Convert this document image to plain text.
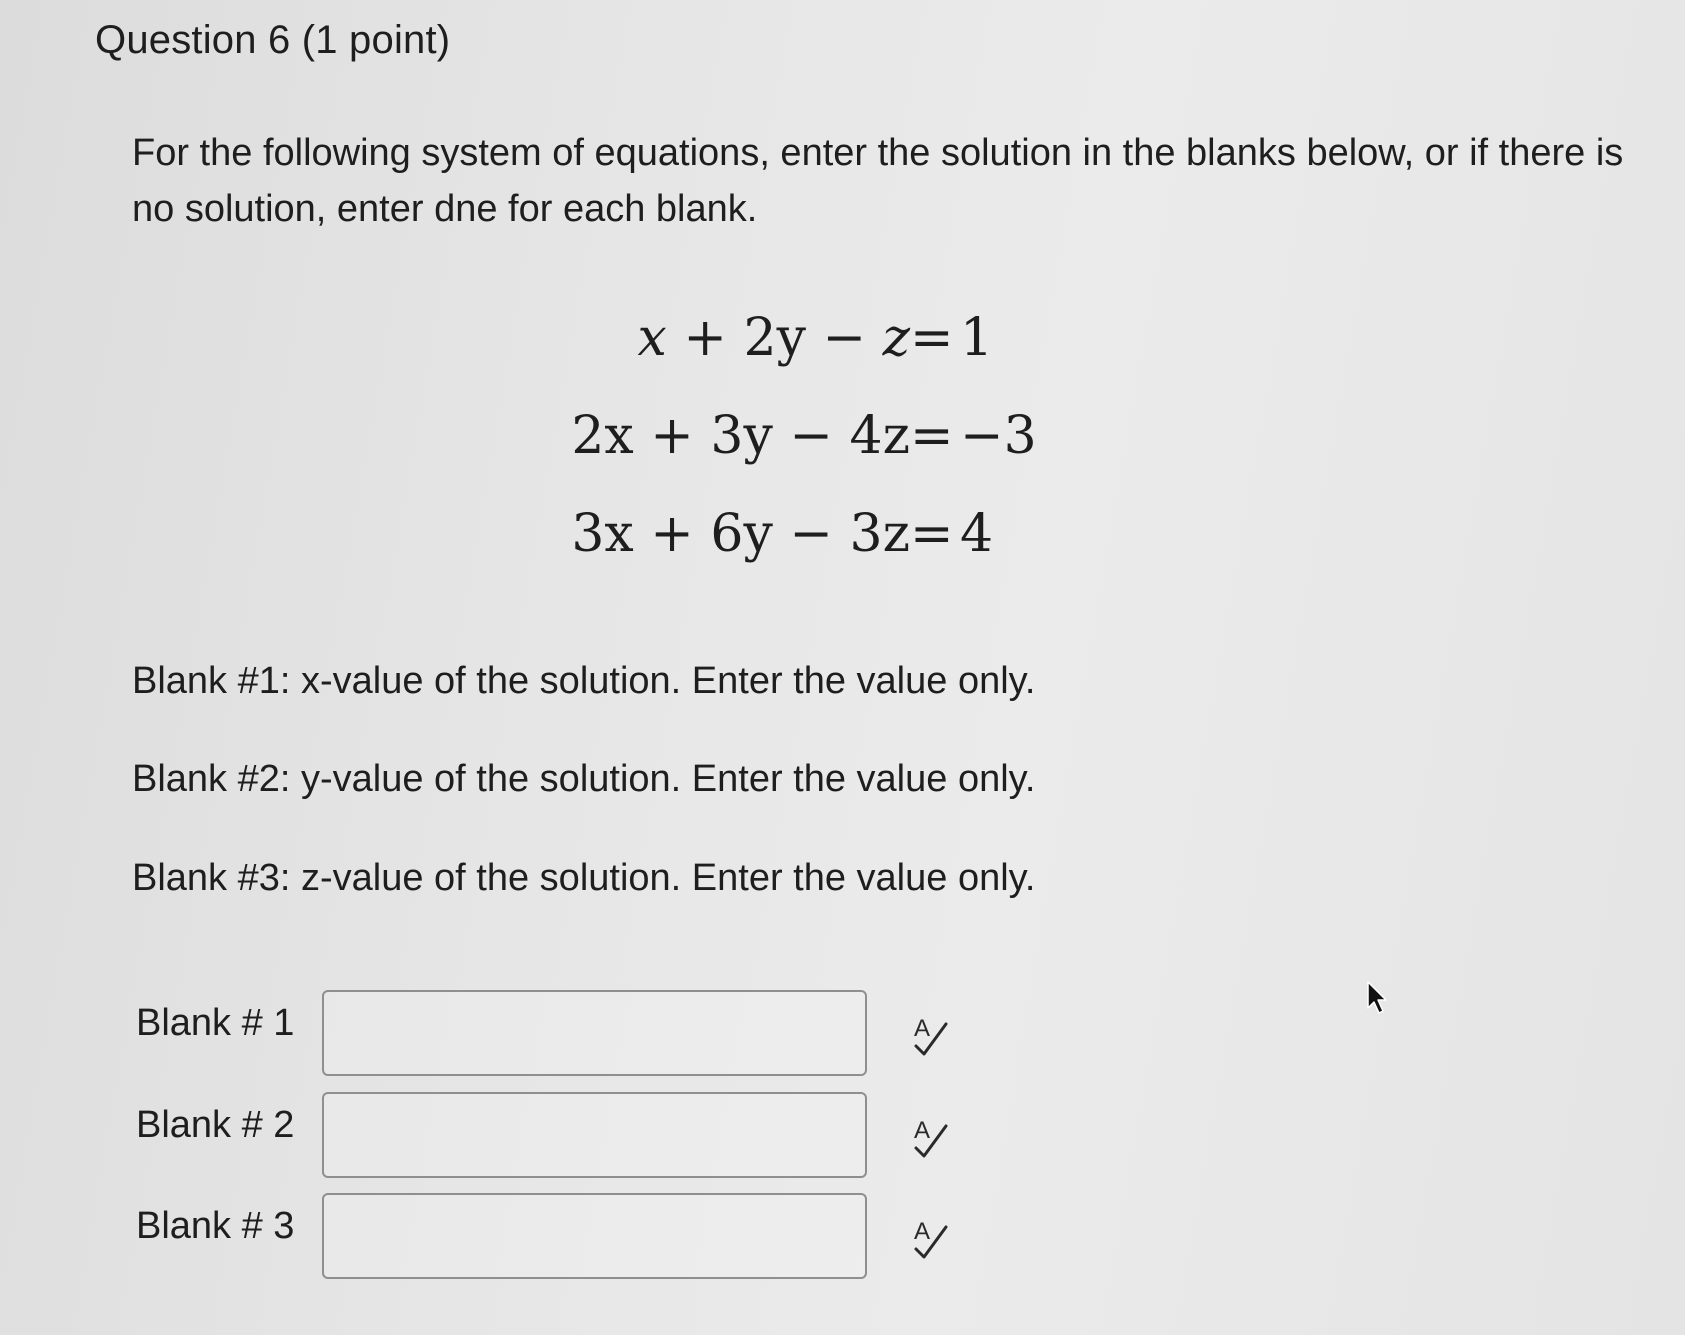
Question 6 (1 point)
For the following system of equations, enter the solution in the blanks below, or if there is no solution, enter dne for each blank.
x + 2y − z = 1
2x + 3y − 4z = −3
3x + 6y − 3z = 4
Blank #1: x-value of the solution. Enter the value only.
Blank #2: y-value of the solution. Enter the value only.
Blank #3: z-value of the solution. Enter the value only.
Blank # 1	A
Blank # 2	A
Blank # 3	A
